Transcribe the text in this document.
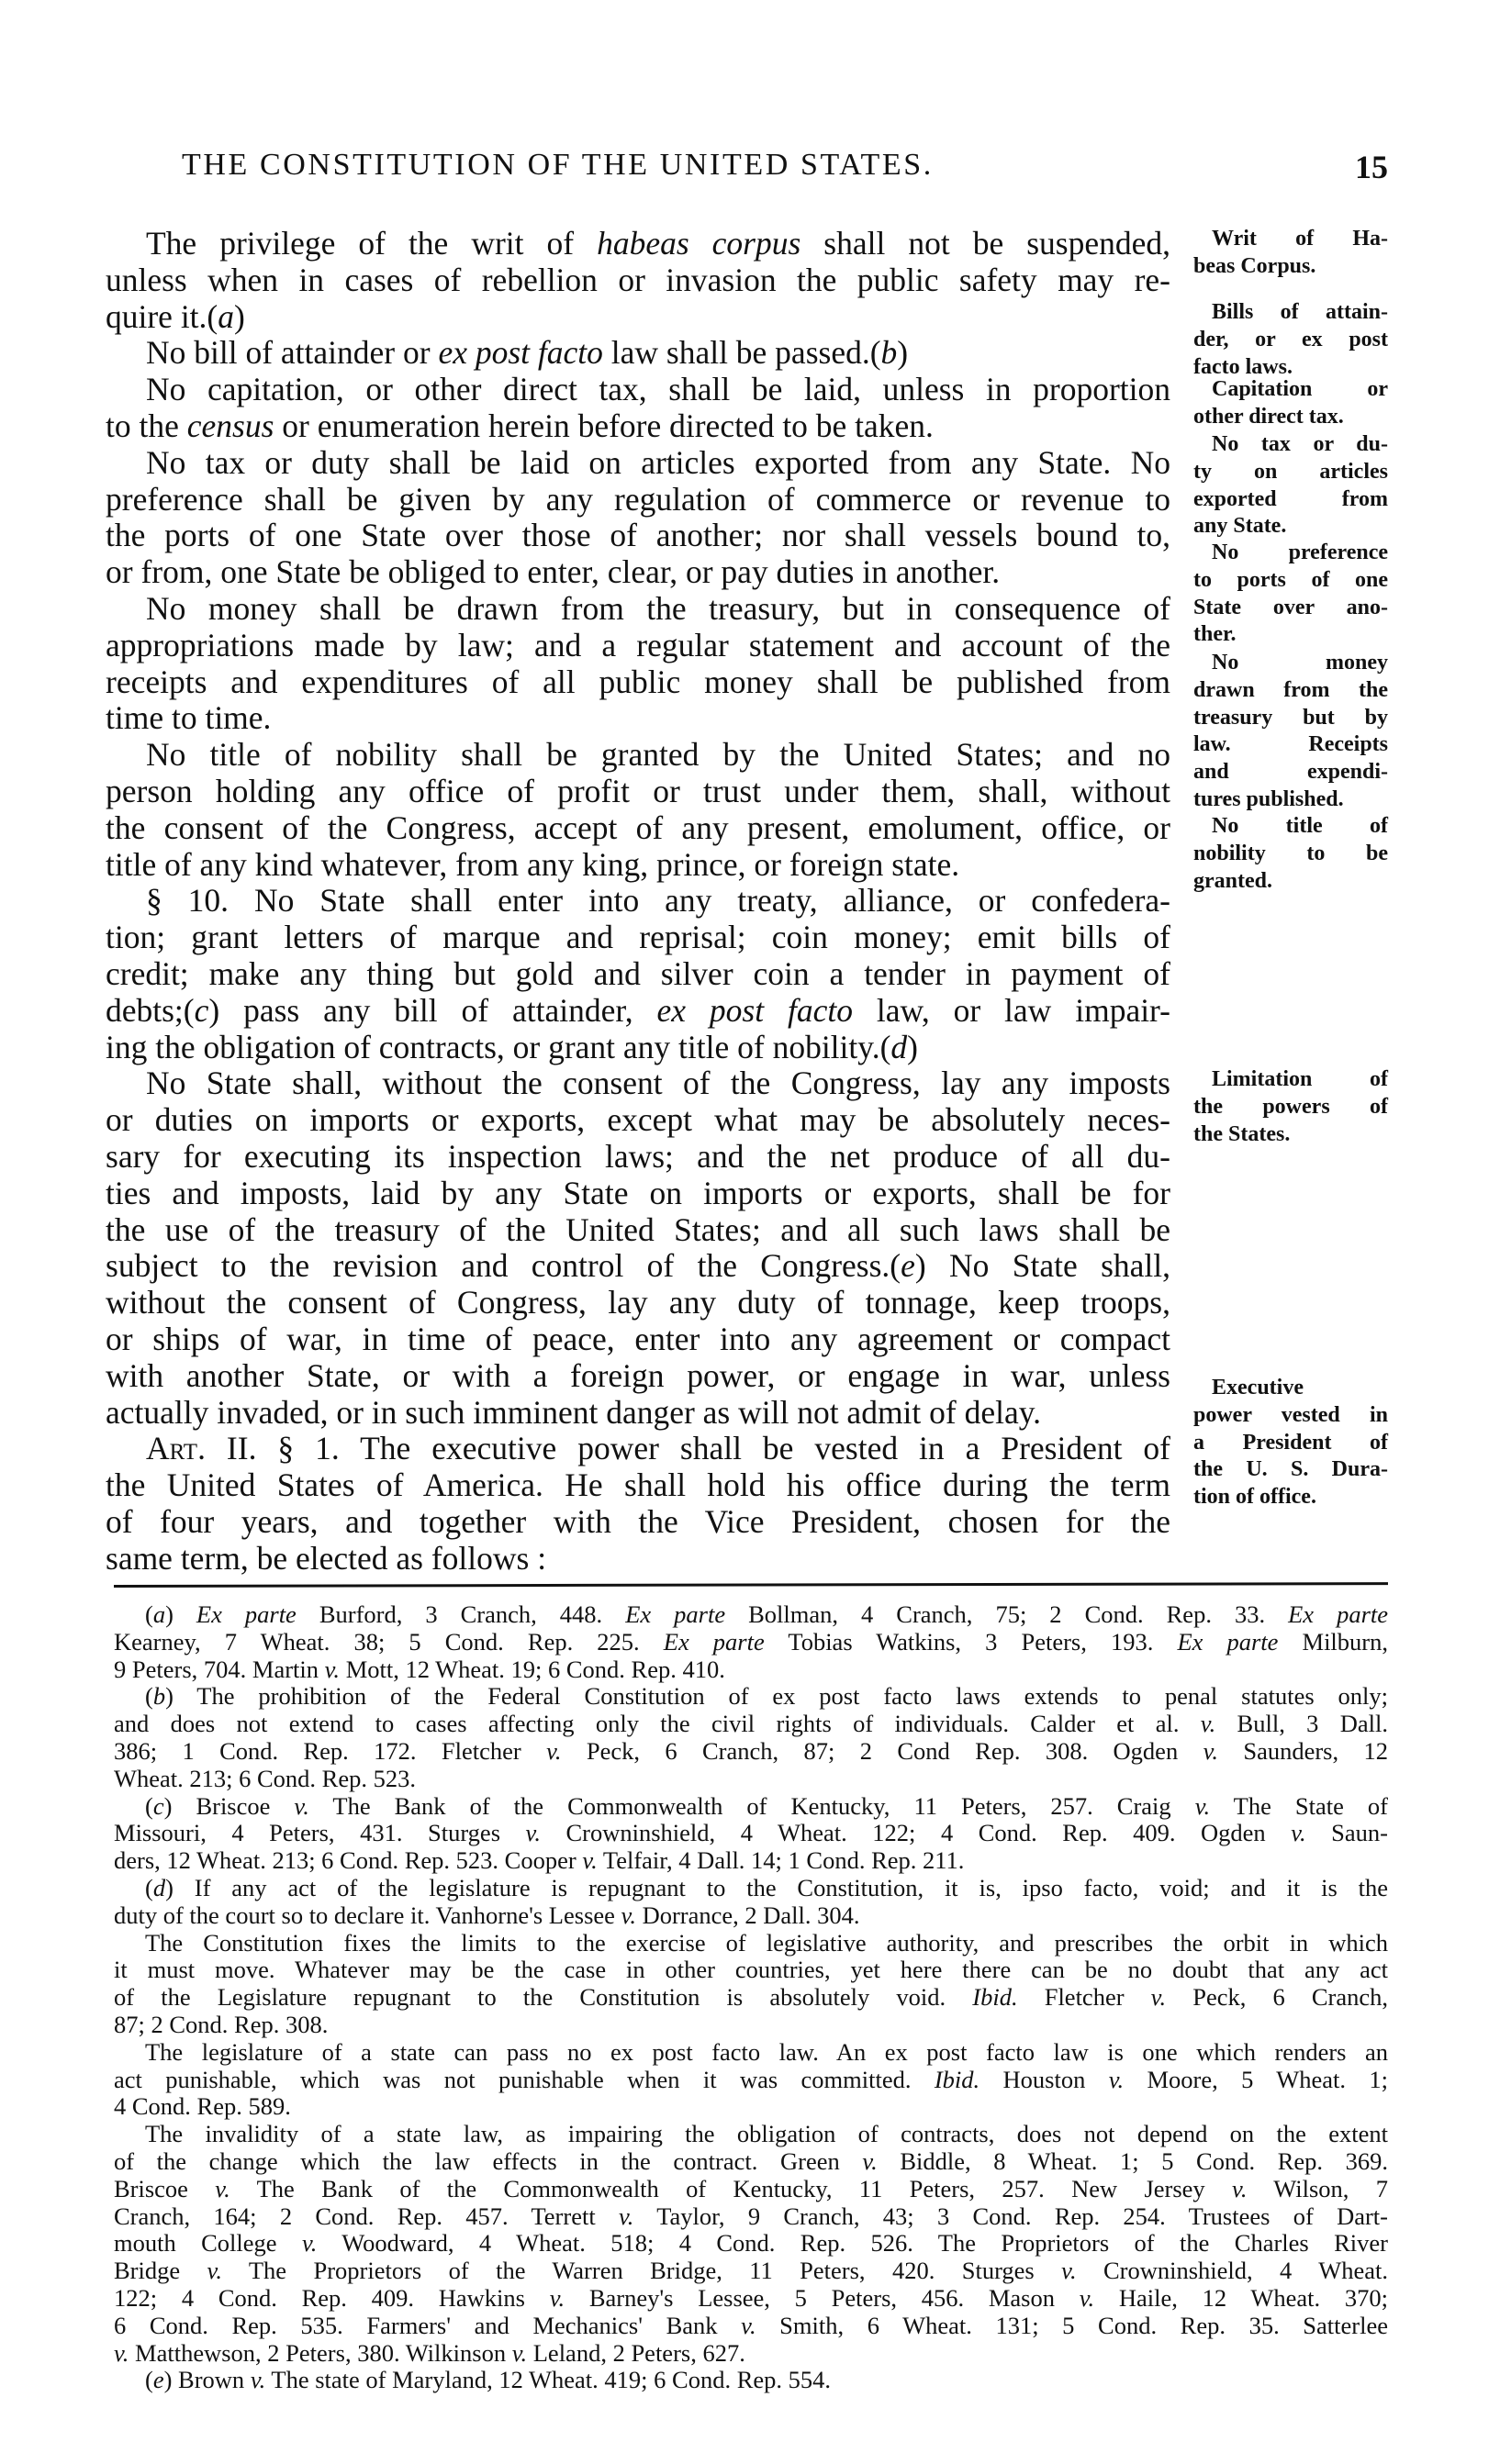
THE CONSTITUTION OF THE UNITED STATES.	15
The privilege of the writ of habeas corpus shall not be suspended,
unless when in cases of rebellion or invasion the public safety may re-
quire it.(a)
No bill of attainder or ex post facto law shall be passed.(b)
No capitation, or other direct tax, shall be laid, unless in proportion
to the census or enumeration herein before directed to be taken.
No tax or duty shall be laid on articles exported from any State. No
preference shall be given by any regulation of commerce or revenue to
the ports of one State over those of another; nor shall vessels bound to,
or from, one State be obliged to enter, clear, or pay duties in another.
No money shall be drawn from the treasury, but in consequence of
appropriations made by law; and a regular statement and account of the
receipts and expenditures of all public money shall be published from
time to time.
No title of nobility shall be granted by the United States; and no
person holding any office of profit or trust under them, shall, without
the consent of the Congress, accept of any present, emolument, office, or
title of any kind whatever, from any king, prince, or foreign state.
§ 10. No State shall enter into any treaty, alliance, or confedera-
tion; grant letters of marque and reprisal; coin money; emit bills of
credit; make any thing but gold and silver coin a tender in payment of
debts;(c) pass any bill of attainder, ex post facto law, or law impair-
ing the obligation of contracts, or grant any title of nobility.(d)
No State shall, without the consent of the Congress, lay any imposts
or duties on imports or exports, except what may be absolutely neces-
sary for executing its inspection laws; and the net produce of all du-
ties and imposts, laid by any State on imports or exports, shall be for
the use of the treasury of the United States; and all such laws shall be
subject to the revision and control of the Congress.(e) No State shall,
without the consent of Congress, lay any duty of tonnage, keep troops,
or ships of war, in time of peace, enter into any agreement or compact
with another State, or with a foreign power, or engage in war, unless
actually invaded, or in such imminent danger as will not admit of delay.
Art. II. § 1. The executive power shall be vested in a President of
the United States of America. He shall hold his office during the term
of four years, and together with the Vice President, chosen for the
same term, be elected as follows :
Writ of Ha-
beas Corpus.
Bills of attain-
der, or ex post
facto laws.
Capitation or
other direct tax.
No tax or du-
ty on articles
exported from
any State.
No preference
to ports of one
State over ano-
ther.
No money
drawn from the
treasury but by
law. Receipts
and expendi-
tures published.
No title of
nobility to be
granted.
Limitation of
the powers of
the States.
Executive
power vested in
a President of
the U. S. Dura-
tion of office.
(a) Ex parte Burford, 3 Cranch, 448. Ex parte Bollman, 4 Cranch, 75; 2 Cond. Rep. 33. Ex parte
Kearney, 7 Wheat. 38; 5 Cond. Rep. 225. Ex parte Tobias Watkins, 3 Peters, 193. Ex parte Milburn,
9 Peters, 704. Martin v. Mott, 12 Wheat. 19; 6 Cond. Rep. 410.
(b) The prohibition of the Federal Constitution of ex post facto laws extends to penal statutes only;
and does not extend to cases affecting only the civil rights of individuals. Calder et al. v. Bull, 3 Dall.
386; 1 Cond. Rep. 172. Fletcher v. Peck, 6 Cranch, 87; 2 Cond Rep. 308. Ogden v. Saunders, 12
Wheat. 213; 6 Cond. Rep. 523.
(c) Briscoe v. The Bank of the Commonwealth of Kentucky, 11 Peters, 257. Craig v. The State of
Missouri, 4 Peters, 431. Sturges v. Crowninshield, 4 Wheat. 122; 4 Cond. Rep. 409. Ogden v. Saun-
ders, 12 Wheat. 213; 6 Cond. Rep. 523. Cooper v. Telfair, 4 Dall. 14; 1 Cond. Rep. 211.
(d) If any act of the legislature is repugnant to the Constitution, it is, ipso facto, void; and it is the
duty of the court so to declare it. Vanhorne's Lessee v. Dorrance, 2 Dall. 304.
The Constitution fixes the limits to the exercise of legislative authority, and prescribes the orbit in which
it must move. Whatever may be the case in other countries, yet here there can be no doubt that any act
of the Legislature repugnant to the Constitution is absolutely void. Ibid. Fletcher v. Peck, 6 Cranch,
87; 2 Cond. Rep. 308.
The legislature of a state can pass no ex post facto law. An ex post facto law is one which renders an
act punishable, which was not punishable when it was committed. Ibid. Houston v. Moore, 5 Wheat. 1;
4 Cond. Rep. 589.
The invalidity of a state law, as impairing the obligation of contracts, does not depend on the extent
of the change which the law effects in the contract. Green v. Biddle, 8 Wheat. 1; 5 Cond. Rep. 369.
Briscoe v. The Bank of the Commonwealth of Kentucky, 11 Peters, 257. New Jersey v. Wilson, 7
Cranch, 164; 2 Cond. Rep. 457. Terrett v. Taylor, 9 Cranch, 43; 3 Cond. Rep. 254. Trustees of Dart-
mouth College v. Woodward, 4 Wheat. 518; 4 Cond. Rep. 526. The Proprietors of the Charles River
Bridge v. The Proprietors of the Warren Bridge, 11 Peters, 420. Sturges v. Crowninshield, 4 Wheat.
122; 4 Cond. Rep. 409. Hawkins v. Barney's Lessee, 5 Peters, 456. Mason v. Haile, 12 Wheat. 370;
6 Cond. Rep. 535. Farmers' and Mechanics' Bank v. Smith, 6 Wheat. 131; 5 Cond. Rep. 35. Satterlee
v. Matthewson, 2 Peters, 380. Wilkinson v. Leland, 2 Peters, 627.
(e) Brown v. The state of Maryland, 12 Wheat. 419; 6 Cond. Rep. 554.
